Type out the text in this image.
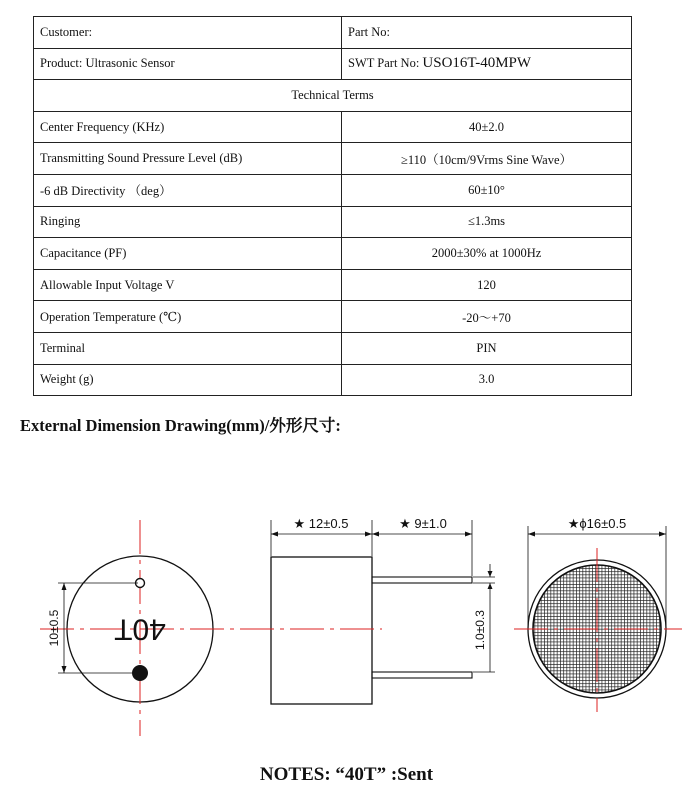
Customer:	Part No:
Product: Ultrasonic Sensor	SWT Part No: USO16T-40MPW
Technical Terms	
Center Frequency (KHz)	40±2.0
Transmitting Sound Pressure Level (dB)	≥110（10cm/9Vrms Sine Wave）
-6 dB Directivity （deg）	60±10°
Ringing	≤1.3ms
Capacitance (PF)	2000±30% at 1000Hz
Allowable Input Voltage V	120
Operation Temperature (℃)	-20～+70
Terminal	PIN
Weight (g)	3.0
External Dimension Drawing(mm)/外形尺寸:
40T
10±0.5
★ 12±0.5	★ 9±1.0
1.0±0.3
★ϕ16±0.5
NOTES: “40T” :Sent
